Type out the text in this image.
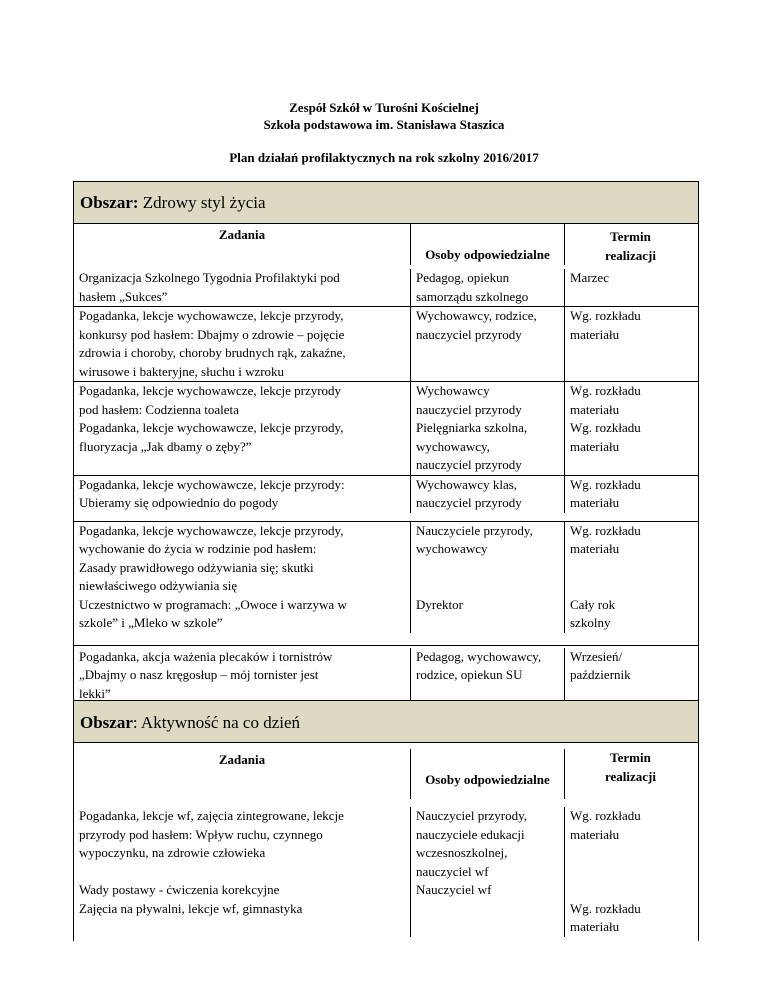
Zespół Szkół w Turośni Kościelnej
Szkoła podstawowa im. Stanisława Staszica
Plan działań profilaktycznych na rok szkolny 2016/2017
Obszar: Zdrowy styl życia
Zadania
Osoby odpowiedzialne
Termin
realizacji
Organizacja Szkolnego Tygodnia Profilaktyki pod
hasłem „Sukces”
Pedagog, opiekun
samorządu szkolnego
Marzec
Pogadanka, lekcje wychowawcze, lekcje przyrody,
konkursy pod hasłem: Dbajmy o zdrowie – pojęcie
zdrowia i choroby, choroby brudnych rąk, zakaźne,
wirusowe i bakteryjne, słuchu i wzroku
Wychowawcy, rodzice,
nauczyciel przyrody
Wg. rozkładu
materiału
Pogadanka, lekcje wychowawcze, lekcje przyrody
pod hasłem: Codzienna toaleta
Pogadanka, lekcje wychowawcze, lekcje przyrody,
fluoryzacja „Jak dbamy o zęby?”
Wychowawcy
nauczyciel przyrody
Pielęgniarka szkolna,
wychowawcy,
nauczyciel przyrody
Wg. rozkładu
materiału
Wg. rozkładu
materiału
Pogadanka, lekcje wychowawcze, lekcje przyrody:
Ubieramy się odpowiednio do pogody
Wychowawcy klas,
nauczyciel przyrody
Wg. rozkładu
materiału
Pogadanka, lekcje wychowawcze, lekcje przyrody,
wychowanie do życia w rodzinie pod hasłem:
Zasady prawidłowego odżywiania się; skutki
niewłaściwego odżywiania się
Uczestnictwo w programach: „Owoce i warzywa w
szkole” i „Mleko w szkole”
Nauczyciele przyrody,
wychowawcy

Dyrektor
Wg. rozkładu
materiału

Cały rok
szkolny
Pogadanka, akcja ważenia plecaków i tornistrów
„Dbajmy o nasz kręgosłup – mój tornister jest
lekki”
Pedagog, wychowawcy,
rodzice, opiekun SU
Wrzesień/
październik
Obszar: Aktywność na co dzień
Zadania
Osoby odpowiedzialne
Termin
realizacji
Pogadanka, lekcje wf, zajęcia zintegrowane, lekcje
przyrody pod hasłem: Wpływ ruchu, czynnego
wypoczynku, na zdrowie człowieka

Wady postawy - ćwiczenia korekcyjne
Zajęcia na pływalni, lekcje wf, gimnastyka
Nauczyciel przyrody,
nauczyciele edukacji
wczesnoszkolnej,
nauczyciel wf
Nauczyciel wf
Wg. rozkładu
materiału

Wg. rozkładu
materiału
